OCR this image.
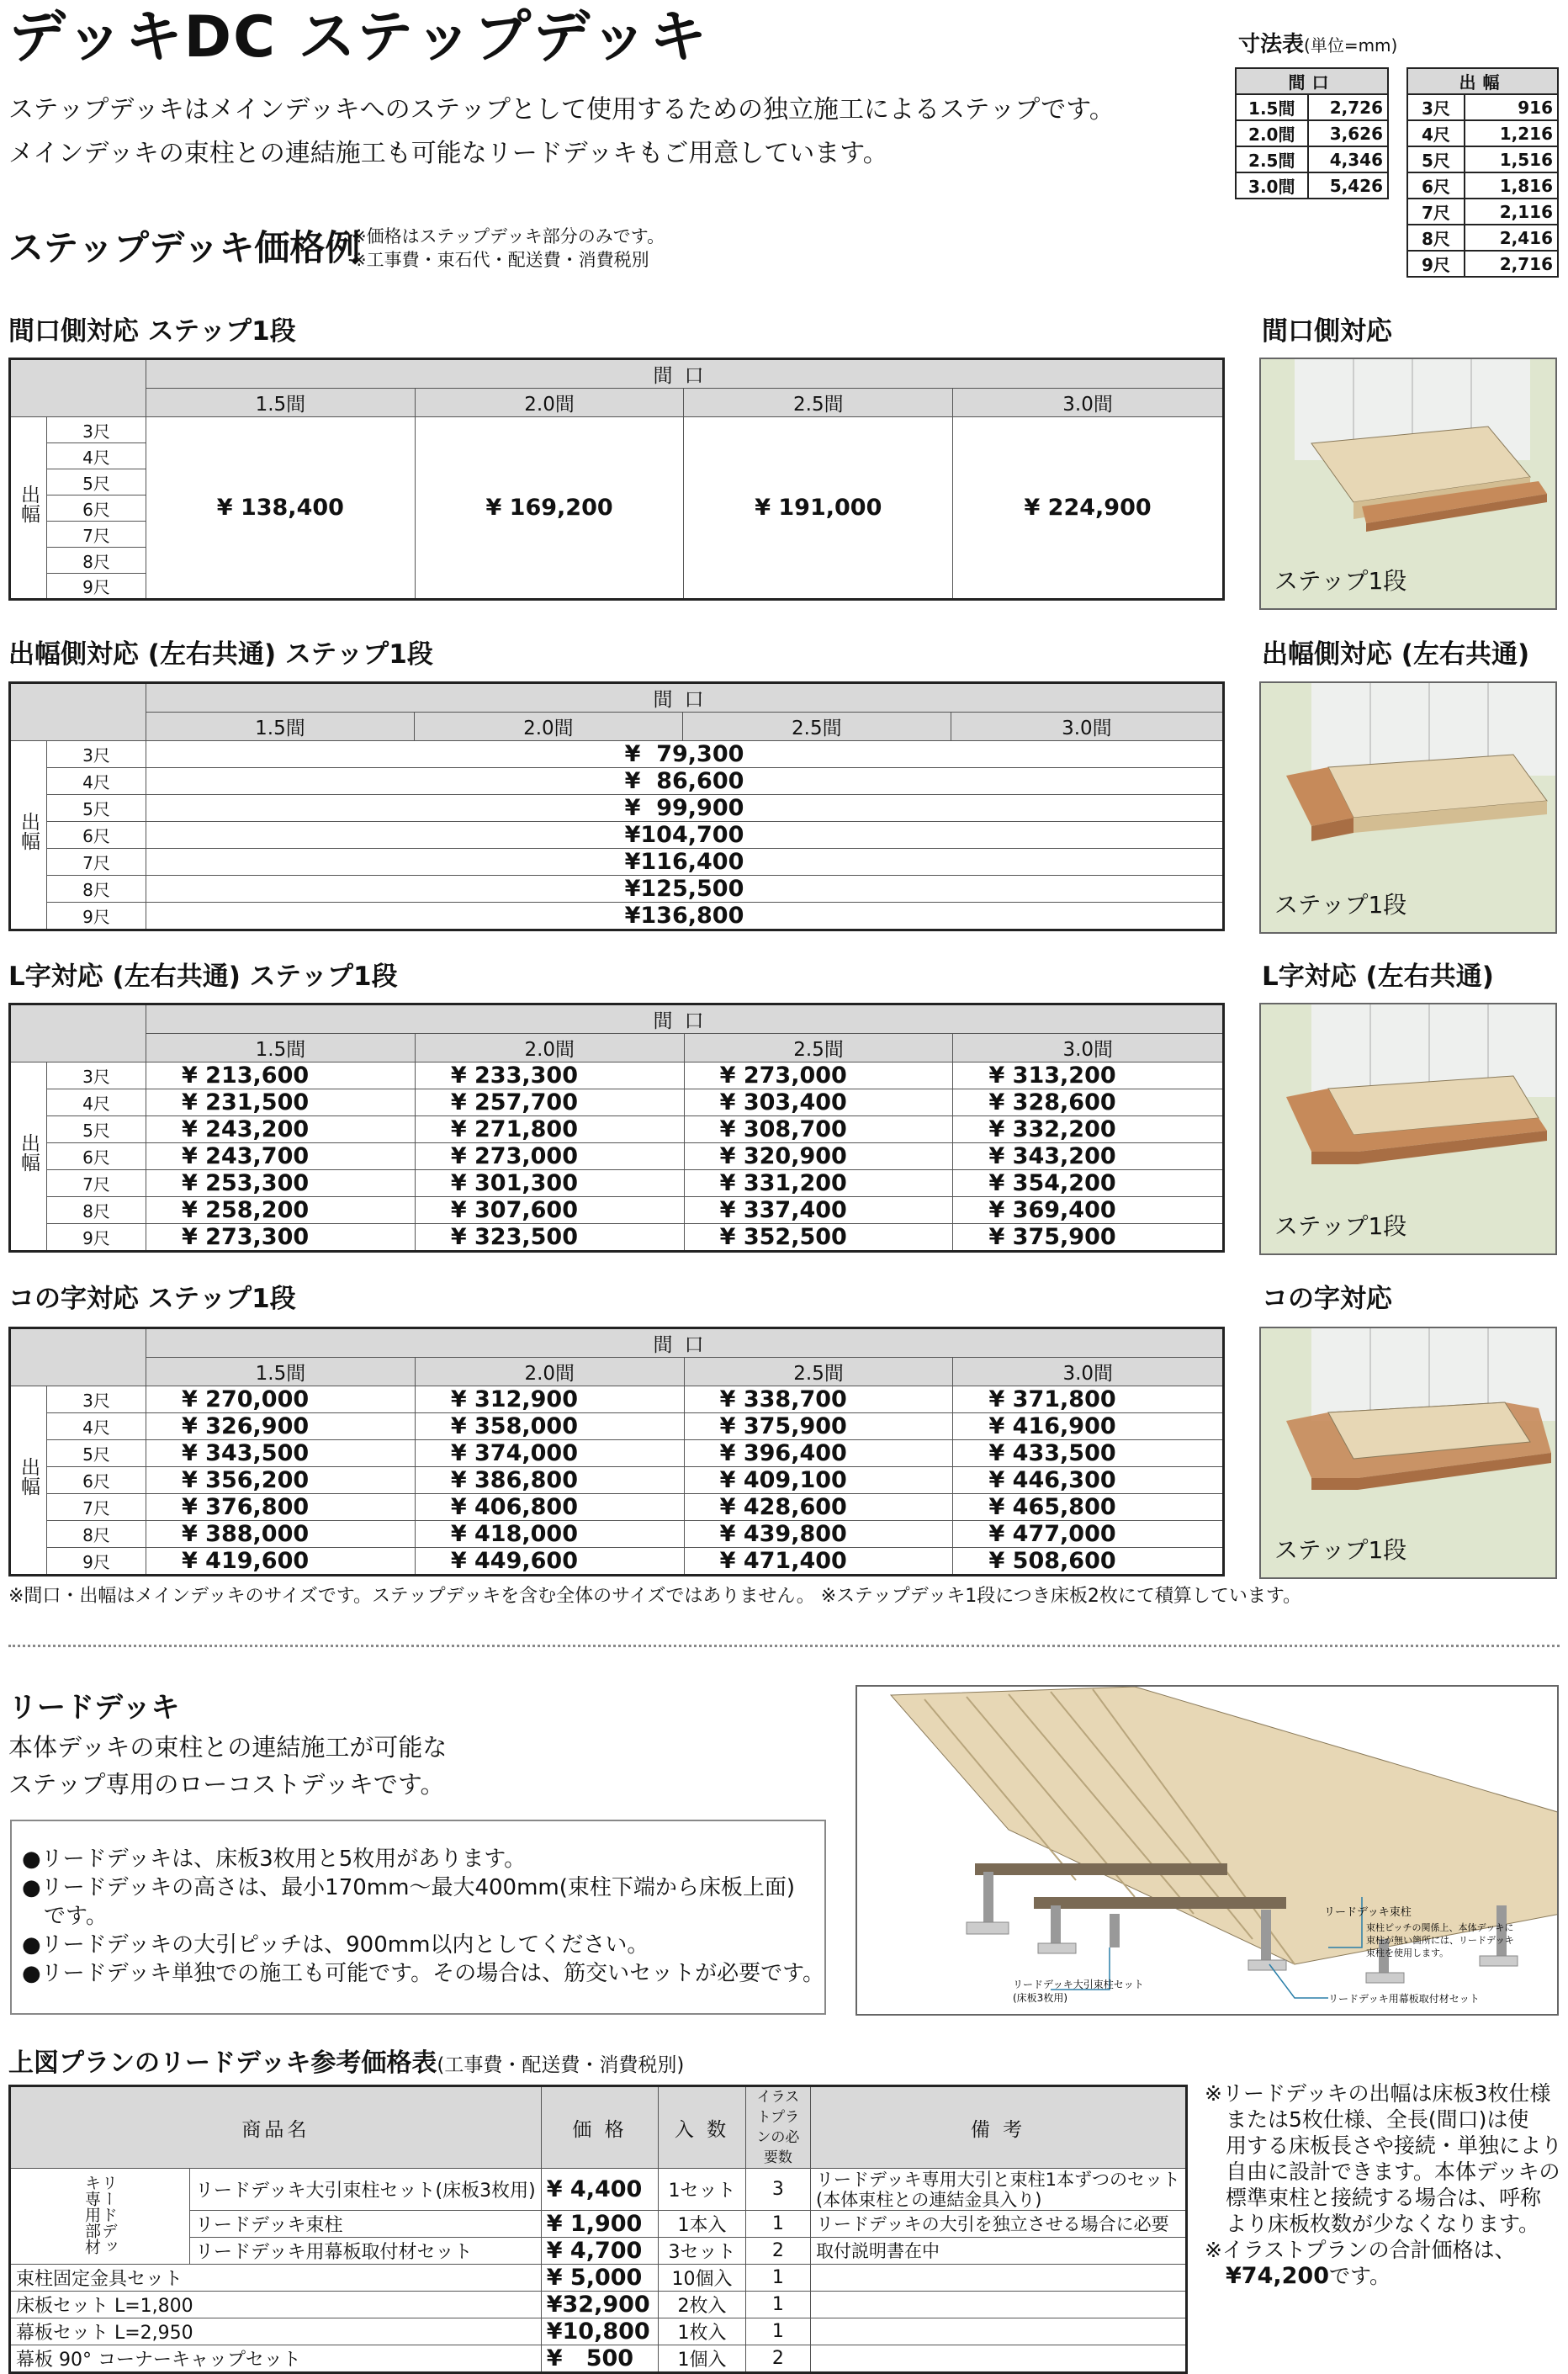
デッキDC ステップデッキ
ステップデッキはメインデッキへのステップとして使用するための独立施工によるステップです。
メインデッキの束柱との連結施工も可能なリードデッキもご用意しています。
寸法表(単位=mm)
間口	
1.5間	2,726
2.0間	3,626
2.5間	4,346
3.0間	5,426
出幅	
3尺	916
4尺	1,216
5尺	1,516
6尺	1,816
7尺	2,116
8尺	2,416
9尺	2,716
ステップデッキ価格例
※価格はステップデッキ部分のみです。
※工事費・束石代・配送費・消費税別
間口側対応 ステップ1段	間口側対応
		間口			
		1.5間	2.0間	2.5間	3.0間
出幅	3尺	¥ 138,400	¥ 169,200	¥ 191,000	¥ 224,900
	4尺				
	5尺				
	6尺				
	7尺				
	8尺				
	9尺				
出幅側対応 (左右共通) ステップ1段	出幅側対応 (左右共通)
		間口			
		1.5間	2.0間	2.5間	3.0間
出幅	3尺	¥  79,300			
	4尺	¥  86,600			
	5尺	¥  99,900			
	6尺	¥104,700			
	7尺	¥116,400			
	8尺	¥125,500			
	9尺	¥136,800			
L字対応 (左右共通) ステップ1段	L字対応 (左右共通)
		間口			
		1.5間	2.0間	2.5間	3.0間
出幅	3尺	¥ 213,600	¥ 233,300	¥ 273,000	¥ 313,200
	4尺	¥ 231,500	¥ 257,700	¥ 303,400	¥ 328,600
	5尺	¥ 243,200	¥ 271,800	¥ 308,700	¥ 332,200
	6尺	¥ 243,700	¥ 273,000	¥ 320,900	¥ 343,200
	7尺	¥ 253,300	¥ 301,300	¥ 331,200	¥ 354,200
	8尺	¥ 258,200	¥ 307,600	¥ 337,400	¥ 369,400
	9尺	¥ 273,300	¥ 323,500	¥ 352,500	¥ 375,900
コの字対応 ステップ1段	コの字対応
		間口			
		1.5間	2.0間	2.5間	3.0間
出幅	3尺	¥ 270,000	¥ 312,900	¥ 338,700	¥ 371,800
	4尺	¥ 326,900	¥ 358,000	¥ 375,900	¥ 416,900
	5尺	¥ 343,500	¥ 374,000	¥ 396,400	¥ 433,500
	6尺	¥ 356,200	¥ 386,800	¥ 409,100	¥ 446,300
	7尺	¥ 376,800	¥ 406,800	¥ 428,600	¥ 465,800
	8尺	¥ 388,000	¥ 418,000	¥ 439,800	¥ 477,000
	9尺	¥ 419,600	¥ 449,600	¥ 471,400	¥ 508,600
ステップ1段
ステップ1段
ステップ1段
ステップ1段
※間口・出幅はメインデッキのサイズです。ステップデッキを含む全体のサイズではありません。 ※ステップデッキ1段につき床板2枚にて積算しています。
リードデッキ
本体デッキの束柱との連結施工が可能な
ステップ専用のローコストデッキです。
●リードデッキは、床板3枚用と5枚用があります。
●リードデッキの高さは、最小170mm～最大400mm(束柱下端から床板上面)
　です。
●リードデッキの大引ピッチは、900mm以内としてください。
●リードデッキ単独での施工も可能です。その場合は、筋交いセットが必要です。
リードデッキ束柱
束柱ピッチの関係上、本体デッキに
束柱が無い箇所には、リードデッキ
束柱を使用します。
リードデッキ大引束柱セット
(床板3枚用)	リードデッキ用幕板取付材セット
上図プランのリードデッキ参考価格表(工事費・配送費・消費税別)
商品名		価 格	入 数	イラストプランの必要数	備 考
リードデッキ専用部材	リードデッキ大引束柱セット(床板3枚用)	¥ 4,400	1セット	3	リードデッキ専用大引と束柱1本ずつのセット
(本体束柱との連結金具入り)

	リードデッキ束柱	¥ 1,900	1本入	1	リードデッキの大引を独立させる場合に必要

	リードデッキ用幕板取付材セット	¥ 4,700	3セット	2	取付説明書在中

束柱固定金具セット		¥ 5,000	10個入	1	

床板セット L=1,800		¥32,900	2枚入	1	

幕板セット L=2,950		¥10,800	1枚入	1	

幕板 90° コーナーキャップセット		¥   500	1個入	2	
※リードデッキの出幅は床板3枚仕様
　または5枚仕様、全長(間口)は使
　用する床板長さや接続・単独により
　自由に設計できます。本体デッキの
　標準束柱と接続する場合は、呼称
　より床板枚数が少なくなります。
※イラストプランの合計価格は、
　¥74,200です。
